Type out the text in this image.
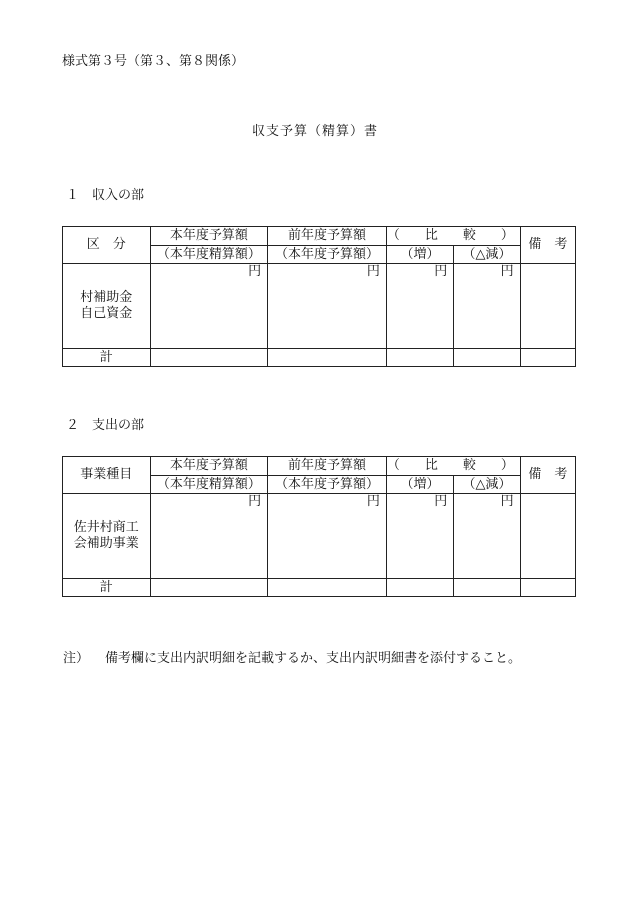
様式第３号（第３、第８関係）
収支予算（精算）書
１　収入の部
区　分	本年度予算額	前年度予算額	（　比　較　）		備　考
	（本年度精算額）	（本年度予算額）	（増）	（△減）	

村補助金
自己資金	円	円	円	円	
計					
２　支出の部
事業種目	本年度予算額	前年度予算額	（　比　較　）		備　考
	（本年度精算額）	（本年度予算額）	（増）	（△減）	

佐井村商工
会補助事業	円	円	円	円	
計					
注） 備考欄に支出内訳明細を記載するか、支出内訳明細書を添付すること。
